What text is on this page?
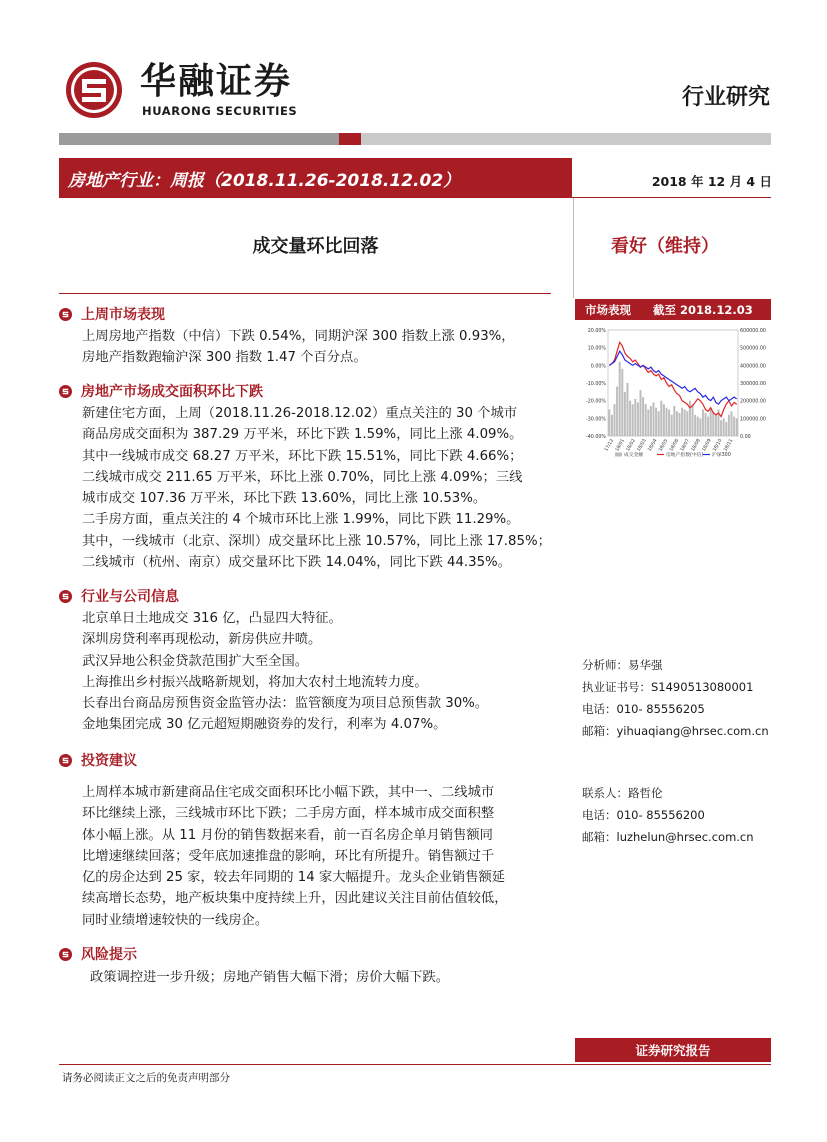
华融证券
HUARONG SECURITIES
行业研究
房地产行业：周报（2018.11.26-2018.12.02）	2018 年 12 月 4 日
成交量环比回落	看好（维持）
上周市场表现
上周房地产指数（中信）下跌 0.54%，同期沪深 300 指数上涨 0.93%，
房地产指数跑输沪深 300 指数 1.47 个百分点。
房地产市场成交面积环比下跌
新建住宅方面，上周（2018.11.26-2018.12.02）重点关注的 30 个城市
商品房成交面积为 387.29 万平米，环比下跌 1.59%，同比上涨 4.09%。
其中一线城市成交 68.27 万平米，环比下跌 15.51%，同比下跌 4.66%；
二线城市成交 211.65 万平米，环比上涨 0.70%，同比上涨 4.09%；三线
城市成交 107.36 万平米，环比下跌 13.60%，同比上涨 10.53%。
二手房方面，重点关注的 4 个城市环比上涨 1.99%，同比下跌 11.29%。
其中，一线城市（北京、深圳）成交量环比上涨 10.57%，同比上涨 17.85%；
二线城市（杭州、南京）成交量环比下跌 14.04%，同比下跌 44.35%。
行业与公司信息
北京单日土地成交 316 亿，凸显四大特征。
深圳房贷利率再现松动，新房供应井喷。
武汉异地公积金贷款范围扩大至全国。
上海推出乡村振兴战略新规划，将加大农村土地流转力度。
长春出台商品房预售资金监管办法：监管额度为项目总预售款 30%。
金地集团完成 30 亿元超短期融资券的发行，利率为 4.07%。
投资建议
上周样本城市新建商品住宅成交面积环比小幅下跌，其中一、二线城市
环比继续上涨，三线城市环比下跌；二手房方面，样本城市成交面积整
体小幅上涨。从 11 月份的销售数据来看，前一百名房企单月销售额同
比增速继续回落；受年底加速推盘的影响，环比有所提升。销售额过千
亿的房企达到 25 家，较去年同期的 14 家大幅提升。龙头企业销售额延
续高增长态势，地产板块集中度持续上升，因此建议关注目前估值较低，
同时业绩增速较快的一线房企。
风险提示
政策调控进一步升级；房地产销售大幅下滑；房价大幅下跌。
市场表现 截至 2018.12.03
20.00%
10.00%
0.00%
-10.00%
-20.00%
-30.00%
-40.00%
600000.00
500000.00
400000.00
300000.00
200000.00
100000.00
0.00
17/12 18/01 18/02 18/03 18/04 18/05 18/06 18/07 18/08 18/09 18/10 18/11
成交金额	房地产指数(中信) 沪深300
分析师：易华强
执业证书号：S1490513080001
电话：010- 85556205
邮箱：yihuaqiang@hrsec.com.cn
联系人：路哲伦
电话：010- 85556200
邮箱：luzhelun@hrsec.com.cn
证券研究报告
请务必阅读正文之后的免责声明部分
